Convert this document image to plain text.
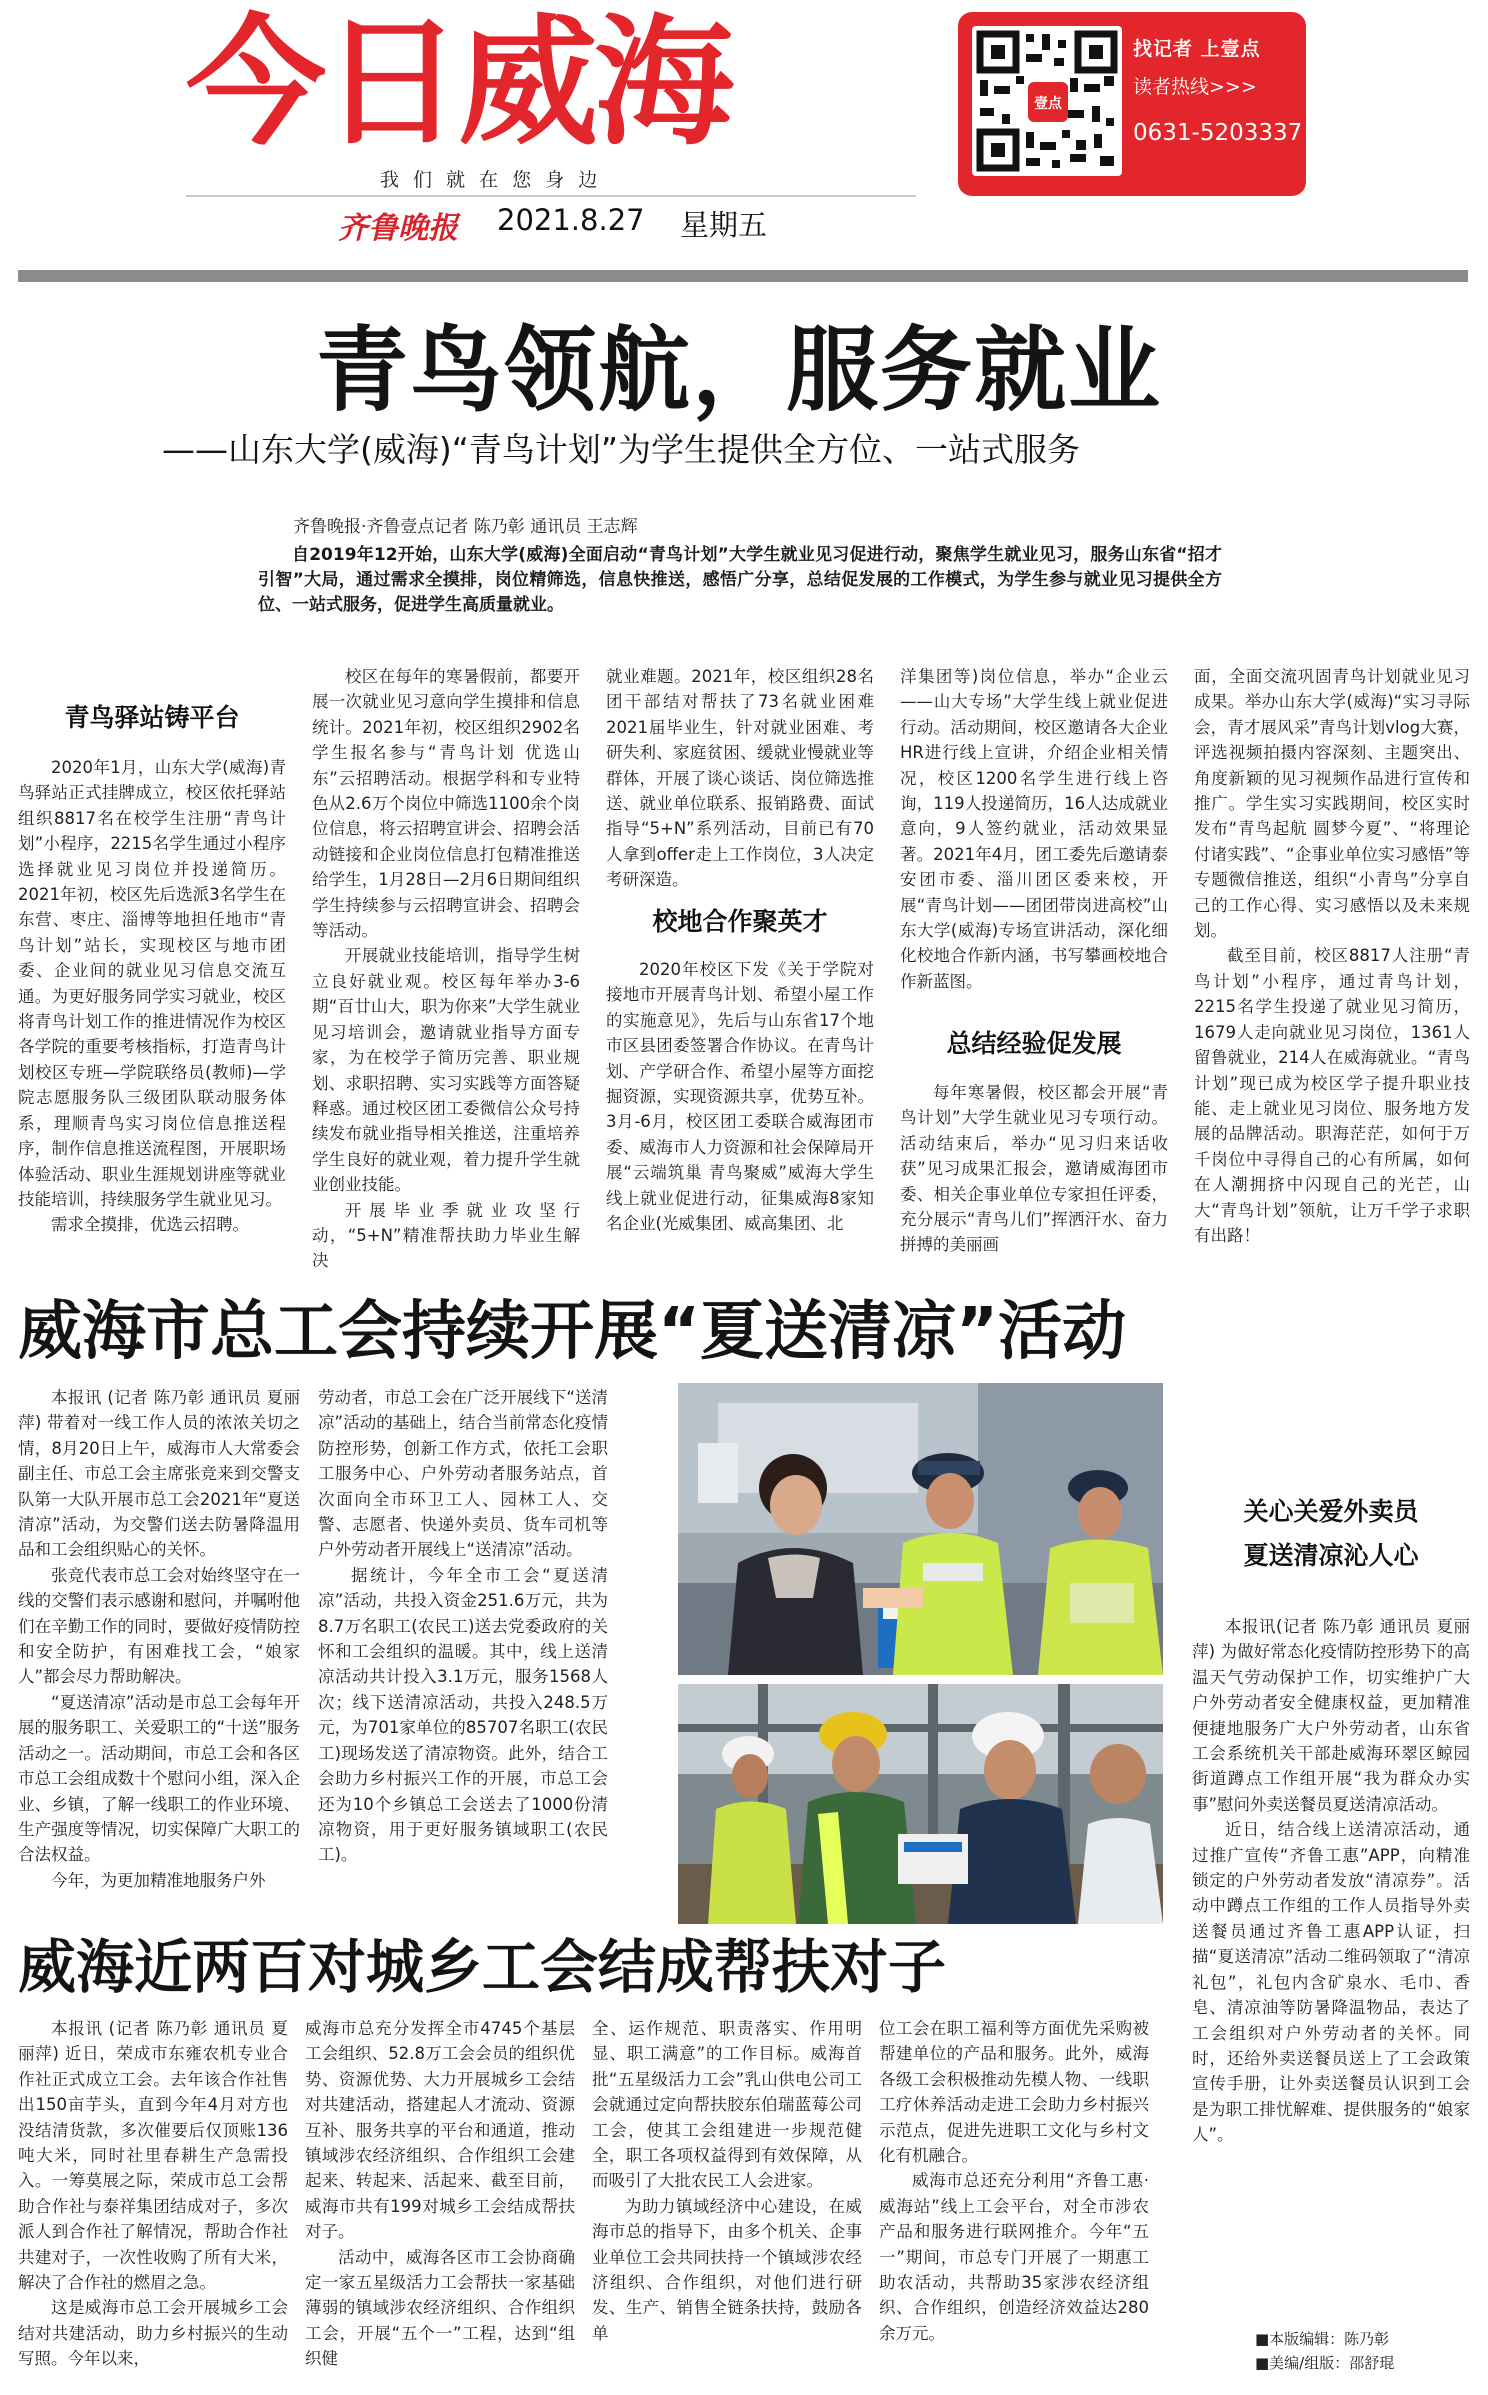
今日威海
我 们 就 在 您 身 边
齐鲁晚报 2021.8.27 星期五
壹点
找记者 上壹点
读者热线>>>
0631-5203337
青鸟领航，服务就业
——山东大学(威海)“青鸟计划”为学生提供全方位、一站式服务
齐鲁晚报·齐鲁壹点记者 陈乃彰 通讯员 王志辉
自2019年12开始，山东大学(威海)全面启动“青鸟计划”大学生就业见习促进行动，聚焦学生就业见习，服务山东省“招才引智”大局，通过需求全摸排，岗位精筛选，信息快推送，感悟广分享，总结促发展的工作模式，为学生参与就业见习提供全方位、一站式服务，促进学生高质量就业。
青鸟驿站铸平台

2020年1月，山东大学(威海)青鸟驿站正式挂牌成立，校区依托驿站组织8817名在校学生注册“青鸟计划”小程序，2215名学生通过小程序选择就业见习岗位并投递简历。2021年初，校区先后选派3名学生在东营、枣庄、淄博等地担任地市“青鸟计划”站长，实现校区与地市团委、企业间的就业见习信息交流互通。为更好服务同学实习就业，校区将青鸟计划工作的推进情况作为校区各学院的重要考核指标，打造青鸟计划校区专班—学院联络员(教师)—学院志愿服务队三级团队联动服务体系，理顺青鸟实习岗位信息推送程序，制作信息推送流程图，开展职场体验活动、职业生涯规划讲座等就业技能培训，持续服务学生就业见习。

需求全摸排，优选云招聘。

校区在每年的寒暑假前，都要开展一次就业见习意向学生摸排和信息统计。2021年初，校区组织2902名学生报名参与“青鸟计划 优选山东”云招聘活动。根据学科和专业特色从2.6万个岗位中筛选1100余个岗位信息，将云招聘宣讲会、招聘会活动链接和企业岗位信息打包精准推送给学生，1月28日—2月6日期间组织学生持续参与云招聘宣讲会、招聘会等活动。

开展就业技能培训，指导学生树立良好就业观。校区每年举办3-6期“百廿山大，职为你来”大学生就业见习培训会，邀请就业指导方面专家，为在校学子简历完善、职业规划、求职招聘、实习实践等方面答疑释惑。通过校区团工委微信公众号持续发布就业指导相关推送，注重培养学生良好的就业观，着力提升学生就业创业技能。

开展毕业季就业攻坚行动，“5+N”精准帮扶助力毕业生解决

就业难题。2021年，校区组织28名团干部结对帮扶了73名就业困难2021届毕业生，针对就业困难、考研失利、家庭贫困、缓就业慢就业等群体，开展了谈心谈话、岗位筛选推送、就业单位联系、报销路费、面试指导“5+N”系列活动，目前已有70人拿到offer走上工作岗位，3人决定考研深造。

校地合作聚英才

2020年校区下发《关于学院对接地市开展青鸟计划、希望小屋工作的实施意见》，先后与山东省17个地市区县团委签署合作协议。在青鸟计划、产学研合作、希望小屋等方面挖掘资源，实现资源共享，优势互补。3月-6月，校区团工委联合威海团市委、威海市人力资源和社会保障局开展“云端筑巢 青鸟聚威”威海大学生线上就业促进行动，征集威海8家知名企业(光威集团、威高集团、北

洋集团等)岗位信息，举办“企业云——山大专场”大学生线上就业促进行动。活动期间，校区邀请各大企业HR进行线上宣讲，介绍企业相关情况，校区1200名学生进行线上咨询，119人投递简历，16人达成就业意向，9人签约就业，活动效果显著。2021年4月，团工委先后邀请泰安团市委、淄川团区委来校，开展“青鸟计划——团团带岗进高校”山东大学(威海)专场宣讲活动，深化细化校地合作新内涵，书写攀画校地合作新蓝图。

总结经验促发展

每年寒暑假，校区都会开展“青鸟计划”大学生就业见习专项行动。活动结束后，举办“见习归来话收获”见习成果汇报会，邀请威海团市委、相关企事业单位专家担任评委，充分展示“青鸟儿们”挥洒汗水、奋力拼搏的美丽画

面，全面交流巩固青鸟计划就业见习成果。举办山东大学(威海)“实习寻际会，青才展风采”青鸟计划vlog大赛，评选视频拍摄内容深刻、主题突出、角度新颖的见习视频作品进行宣传和推广。学生实习实践期间，校区实时发布“青鸟起航 圆梦今夏”、“将理论付诸实践”、“企事业单位实习感悟”等专题微信推送，组织“小青鸟”分享自己的工作心得、实习感悟以及未来规划。

截至目前，校区8817人注册“青鸟计划”小程序，通过青鸟计划，2215名学生投递了就业见习简历，1679人走向就业见习岗位，1361人留鲁就业，214人在威海就业。“青鸟计划”现已成为校区学子提升职业技能、走上就业见习岗位、服务地方发展的品牌活动。职海茫茫，如何于万千岗位中寻得自己的心有所属，如何在人潮拥挤中闪现自己的光芒，山大“青鸟计划”领航，让万千学子求职有出路！

威海市总工会持续开展“夏送清凉”活动

本报讯 (记者 陈乃彰 通讯员 夏丽萍) 带着对一线工作人员的浓浓关切之情，8月20日上午，威海市人大常委会副主任、市总工会主席张竞来到交警支队第一大队开展市总工会2021年“夏送清凉”活动，为交警们送去防暑降温用品和工会组织贴心的关怀。

张竞代表市总工会对始终坚守在一线的交警们表示感谢和慰问，并嘱咐他们在辛勤工作的同时，要做好疫情防控和安全防护，有困难找工会，“娘家人”都会尽力帮助解决。

“夏送清凉”活动是市总工会每年开展的服务职工、关爱职工的“十送”服务活动之一。活动期间，市总工会和各区市总工会组成数十个慰问小组，深入企业、乡镇，了解一线职工的作业环境、生产强度等情况，切实保障广大职工的合法权益。

今年，为更加精准地服务户外

劳动者，市总工会在广泛开展线下“送清凉”活动的基础上，结合当前常态化疫情防控形势，创新工作方式，依托工会职工服务中心、户外劳动者服务站点，首次面向全市环卫工人、园林工人、交警、志愿者、快递外卖员、货车司机等户外劳动者开展线上“送清凉”活动。

据统计，今年全市工会“夏送清凉”活动，共投入资金251.6万元，共为8.7万名职工(农民工)送去党委政府的关怀和工会组织的温暖。其中，线上送清凉活动共计投入3.1万元，服务1568人次；线下送清凉活动，共投入248.5万元，为701家单位的85707名职工(农民工)现场发送了清凉物资。此外，结合工会助力乡村振兴工作的开展，市总工会还为10个乡镇总工会送去了1000份清凉物资，用于更好服务镇域职工(农民工)。

关心关爱外卖员
夏送清凉沁人心

本报讯(记者 陈乃彰 通讯员 夏丽萍) 为做好常态化疫情防控形势下的高温天气劳动保护工作，切实维护广大户外劳动者安全健康权益，更加精准便捷地服务广大户外劳动者，山东省工会系统机关干部赴威海环翠区鲸园街道蹲点工作组开展“我为群众办实事”慰问外卖送餐员夏送清凉活动。

近日，结合线上送清凉活动，通过推广宣传“齐鲁工惠”APP，向精准锁定的户外劳动者发放“清凉券”。活动中蹲点工作组的工作人员指导外卖送餐员通过齐鲁工惠APP认证，扫描“夏送清凉”活动二维码领取了“清凉礼包”，礼包内含矿泉水、毛巾、香皂、清凉油等防暑降温物品，表达了工会组织对户外劳动者的关怀。同时，还给外卖送餐员送上了工会政策宣传手册，让外卖送餐员认识到工会是为职工排忧解难、提供服务的“娘家人”。

威海近两百对城乡工会结成帮扶对子

本报讯 (记者 陈乃彰 通讯员 夏丽萍) 近日，荣成市东雍农机专业合作社正式成立工会。去年该合作社售出150亩芋头，直到今年4月对方也没结清货款，多次催要后仅顶账136吨大米，同时社里春耕生产急需投入。一筹莫展之际，荣成市总工会帮助合作社与泰祥集团结成对子，多次派人到合作社了解情况，帮助合作社共建对子，一次性收购了所有大米，解决了合作社的燃眉之急。

这是威海市总工会开展城乡工会结对共建活动，助力乡村振兴的生动写照。今年以来，

威海市总充分发挥全市4745个基层工会组织、52.8万工会会员的组织优势、资源优势、大力开展城乡工会结对共建活动，搭建起人才流动、资源互补、服务共享的平台和通道，推动镇域涉农经济组织、合作组织工会建起来、转起来、活起来、截至目前，威海市共有199对城乡工会结成帮扶对子。

活动中，威海各区市工会协商确定一家五星级活力工会帮扶一家基础薄弱的镇域涉农经济组织、合作组织工会，开展“五个一”工程，达到“组织健

全、运作规范、职责落实、作用明显、职工满意”的工作目标。威海首批“五星级活力工会”乳山供电公司工会就通过定向帮扶胶东伯瑞蓝莓公司工会，使其工会组建进一步规范健全，职工各项权益得到有效保障，从而吸引了大批农民工人会进家。

为助力镇域经济中心建设，在威海市总的指导下，由多个机关、企事业单位工会共同扶持一个镇域涉农经济组织、合作组织，对他们进行研发、生产、销售全链条扶持，鼓励各单

位工会在职工福利等方面优先采购被帮建单位的产品和服务。此外，威海各级工会积极推动先模人物、一线职工疗休养活动走进工会助力乡村振兴示范点，促进先进职工文化与乡村文化有机融合。

威海市总还充分利用“齐鲁工惠·威海站”线上工会平台，对全市涉农产品和服务进行联网推介。今年“五一”期间，市总专门开展了一期惠工助农活动，共帮助35家涉农经济组织、合作组织，创造经济效益达280余万元。	■本版编辑：陈乃彰
■美编/组版：邵舒琨
